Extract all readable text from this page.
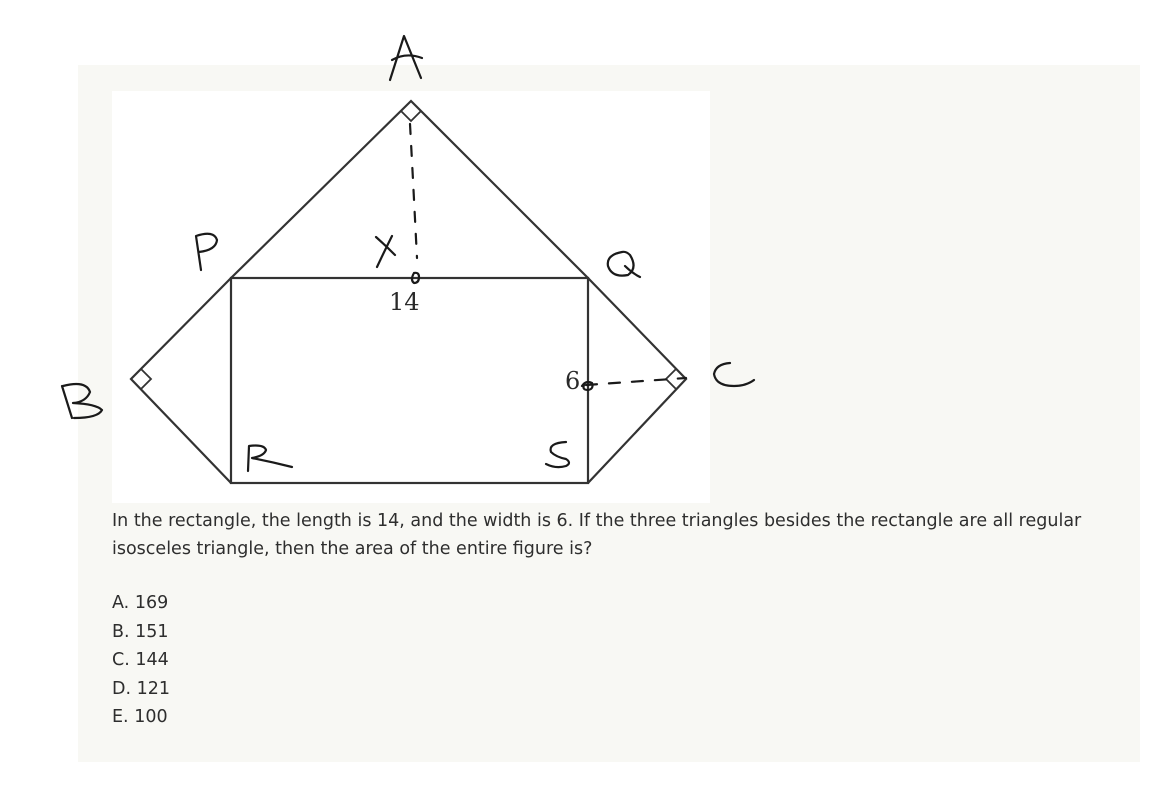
14
6
In the rectangle, the length is 14, and the width is 6. If the three triangles besides the rectangle are all regular isosceles triangle, then the area of the entire figure is?
A. 169
B. 151
C. 144
D. 121
E. 100
